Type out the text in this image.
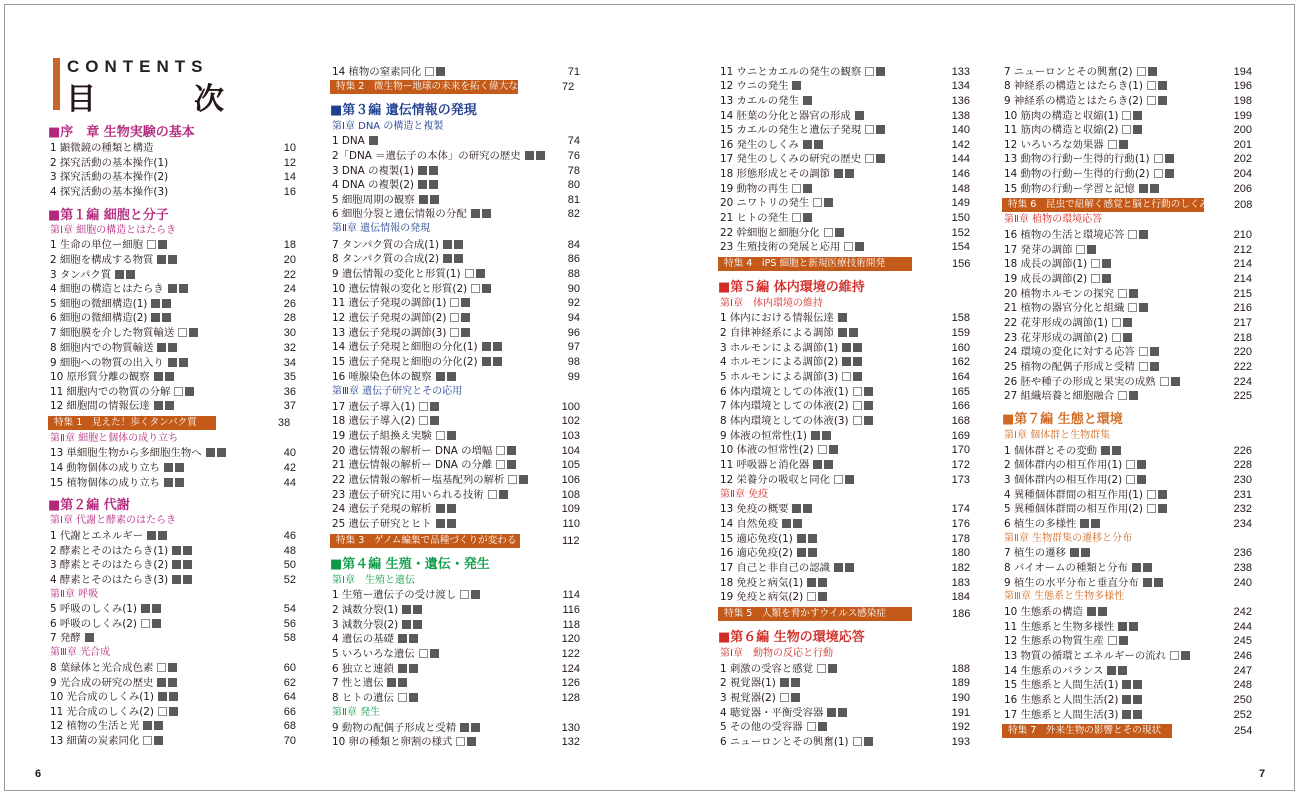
CONTENTS
目　次
■序　章 生物実験の基本
1 顕微鏡の種類と構造	10
2 探究活動の基本操作(1)	12
3 探究活動の基本操作(2)	14
4 探究活動の基本操作(3)	16
■第１編 細胞と分子
第Ⅰ章 細胞の構造とはたらき
1 生命の単位ー細胞	18
2 細胞を構成する物質	20
3 タンパク質	22
4 細胞の構造とはたらき	24
5 細胞の微細構造(1)	26
6 細胞の微細構造(2)	28
7 細胞膜を介した物質輸送	30
8 細胞内での物質輸送	32
9 細胞への物質の出入り	34
10 原形質分離の観察	35
11 細胞内での物質の分解	36
12 細胞間の情報伝達	37
特集 1　見えた！歩くタンパク質	38
第Ⅱ章 細胞と個体の成り立ち
13 単細胞生物から多細胞生物へ	40
14 動物個体の成り立ち	42
15 植物個体の成り立ち	44
■第２編 代謝
第Ⅰ章 代謝と酵素のはたらき
1 代謝とエネルギー	46
2 酵素とそのはたらき(1)	48
3 酵素とそのはたらき(2)	50
4 酵素とそのはたらき(3)	52
第Ⅱ章 呼吸
5 呼吸のしくみ(1)	54
6 呼吸のしくみ(2)	56
7 発酵	58
第Ⅲ章 光合成
8 葉緑体と光合成色素	60
9 光合成の研究の歴史	62
10 光合成のしくみ(1)	64
11 光合成のしくみ(2)	66
12 植物の生活と光	68
13 細菌の炭素同化	70
14 植物の窒素同化	71
特集 2　微生物ー地球の未来を拓く偉大な生物ー 72
■第３編 遺伝情報の発現
第Ⅰ章 DNA の構造と複製
1 DNA	74
2「DNA ＝遺伝子の本体」の研究の歴史	76
3 DNA の複製(1)	78
4 DNA の複製(2)	80
5 細胞周期の観察	81
6 細胞分裂と遺伝情報の分配	82
第Ⅱ章 遺伝情報の発現
7 タンパク質の合成(1)	84
8 タンパク質の合成(2)	86
9 遺伝情報の変化と形質(1)	88
10 遺伝情報の変化と形質(2)	90
11 遺伝子発現の調節(1)	92
12 遺伝子発現の調節(2)	94
13 遺伝子発現の調節(3)	96
14 遺伝子発現と細胞の分化(1)	97
15 遺伝子発現と細胞の分化(2)	98
16 唾腺染色体の観察	99
第Ⅲ章 遺伝子研究とその応用
17 遺伝子導入(1)	100
18 遺伝子導入(2)	102
19 遺伝子組換え実験	103
20 遺伝情報の解析ー DNA の増幅	104
21 遺伝情報の解析ー DNA の分離	105
22 遺伝情報の解析ー塩基配列の解析	106
23 遺伝子研究に用いられる技術	108
24 遺伝子発現の解析	109
25 遺伝子研究とヒト	110
特集 3　ゲノム編集で品種づくりが変わる	112
■第４編 生殖・遺伝・発生
第Ⅰ章　生殖と遺伝
1 生殖ー遺伝子の受け渡し	114
2 減数分裂(1)	116
3 減数分裂(2)	118
4 遺伝の基礎	120
5 いろいろな遺伝	122
6 独立と連鎖	124
7 性と遺伝	126
8 ヒトの遺伝	128
第Ⅱ章 発生
9 動物の配偶子形成と受精	130
10 卵の種類と卵割の様式	132
11 ウニとカエルの発生の観察	133
12 ウニの発生	134
13 カエルの発生	136
14 胚葉の分化と器官の形成	138
15 カエルの発生と遺伝子発現	140
16 発生のしくみ	142
17 発生のしくみの研究の歴史	144
18 形態形成とその調節	146
19 動物の再生	148
20 ニワトリの発生	149
21 ヒトの発生	150
22 幹細胞と細胞分化	152
23 生殖技術の発展と応用	154
特集 4　iPS 細胞と新規医療技術開発	156
■第５編 体内環境の維持
第Ⅰ章　体内環境の維持
1 体内における情報伝達	158
2 自律神経系による調節	159
3 ホルモンによる調節(1)	160
4 ホルモンによる調節(2)	162
5 ホルモンによる調節(3)	164
6 体内環境としての体液(1)	165
7 体内環境としての体液(2)	166
8 体内環境としての体液(3)	168
9 体液の恒常性(1)	169
10 体液の恒常性(2)	170
11 呼吸器と消化器	172
12 栄養分の吸収と同化	173
第Ⅱ章 免疫
13 免疫の概要	174
14 自然免疫	176
15 適応免疫(1)	178
16 適応免疫(2)	180
17 自己と非自己の認識	182
18 免疫と病気(1)	183
19 免疫と病気(2)	184
特集 5　人類を脅かすウイルス感染症	186
■第６編 生物の環境応答
第Ⅰ章　動物の反応と行動
1 刺激の受容と感覚	188
2 視覚器(1)	189
3 視覚器(2)	190
4 聴覚器・平衡受容器	191
5 その他の受容器	192
6 ニューロンとその興奮(1)	193
7 ニューロンとその興奮(2)	194
8 神経系の構造とはたらき(1)	196
9 神経系の構造とはたらき(2)	198
10 筋肉の構造と収縮(1)	199
11 筋肉の構造と収縮(2)	200
12 いろいろな効果器	201
13 動物の行動ー生得的行動(1)	202
14 動物の行動ー生得的行動(2)	204
15 動物の行動ー学習と記憶	206
特集 6　昆虫で紐解く感覚と脳と行動のしくみ 208
第Ⅱ章 植物の環境応答
16 植物の生活と環境応答	210
17 発芽の調節	212
18 成長の調節(1)	214
19 成長の調節(2)	214
20 植物ホルモンの探究	215
21 植物の器官分化と組織	216
22 花芽形成の調節(1)	217
23 花芽形成の調節(2)	218
24 環境の変化に対する応答	220
25 植物の配偶子形成と受精	222
26 胚や種子の形成と果実の成熟	224
27 組織培養と細胞融合	225
■第７編 生態と環境
第Ⅰ章 個体群と生物群集
1 個体群とその変動	226
2 個体群内の相互作用(1)	228
3 個体群内の相互作用(2)	230
4 異種個体群間の相互作用(1)	231
5 異種個体群間の相互作用(2)	232
6 植生の多様性	234
第Ⅱ章 生物群集の遷移と分布
7 植生の遷移	236
8 バイオームの種類と分布	238
9 植生の水平分布と垂直分布	240
第Ⅲ章 生態系と生物多様性
10 生態系の構造	242
11 生態系と生物多様性	244
12 生態系の物質生産	245
13 物質の循環とエネルギーの流れ	246
14 生態系のバランス	247
15 生態系と人間生活(1)	248
16 生態系と人間生活(2)	250
17 生態系と人間生活(3)	252
特集 7　外来生物の影響とその現状	254
6	7
